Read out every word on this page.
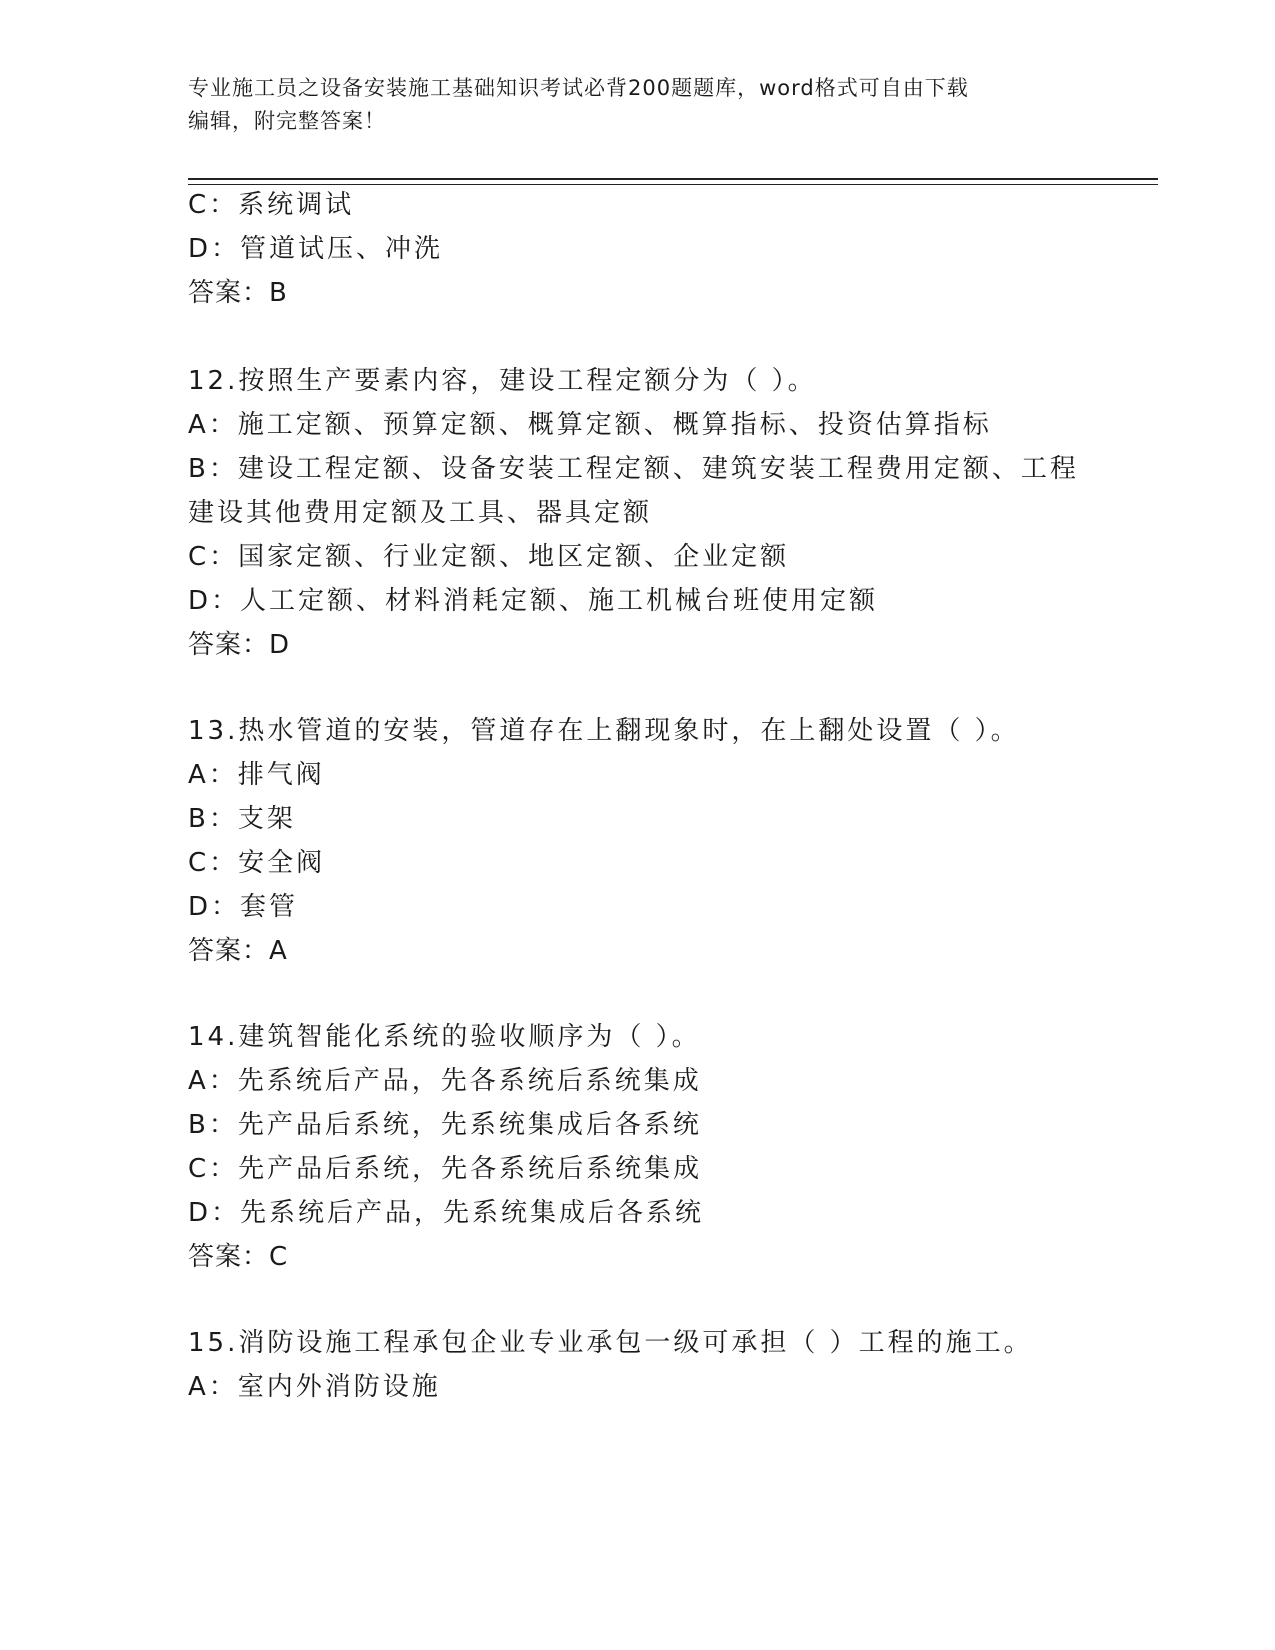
专业施工员之设备安装施工基础知识考试必背200题题库，word格式可自由下载
编辑，附完整答案！
C：系统调试
D：管道试压、冲洗
答案：B
12.按照生产要素内容，建设工程定额分为（ ）。
A：施工定额、预算定额、概算定额、概算指标、投资估算指标
B：建设工程定额、设备安装工程定额、建筑安装工程费用定额、工程
建设其他费用定额及工具、器具定额
C：国家定额、行业定额、地区定额、企业定额
D：人工定额、材料消耗定额、施工机械台班使用定额
答案：D
13.热水管道的安装，管道存在上翻现象时，在上翻处设置（ ）。
A：排气阀
B：支架
C：安全阀
D：套管
答案：A
14.建筑智能化系统的验收顺序为（ ）。
A：先系统后产品，先各系统后系统集成
B：先产品后系统，先系统集成后各系统
C：先产品后系统，先各系统后系统集成
D：先系统后产品，先系统集成后各系统
答案：C
15.消防设施工程承包企业专业承包一级可承担（ ）工程的施工。
A：室内外消防设施
